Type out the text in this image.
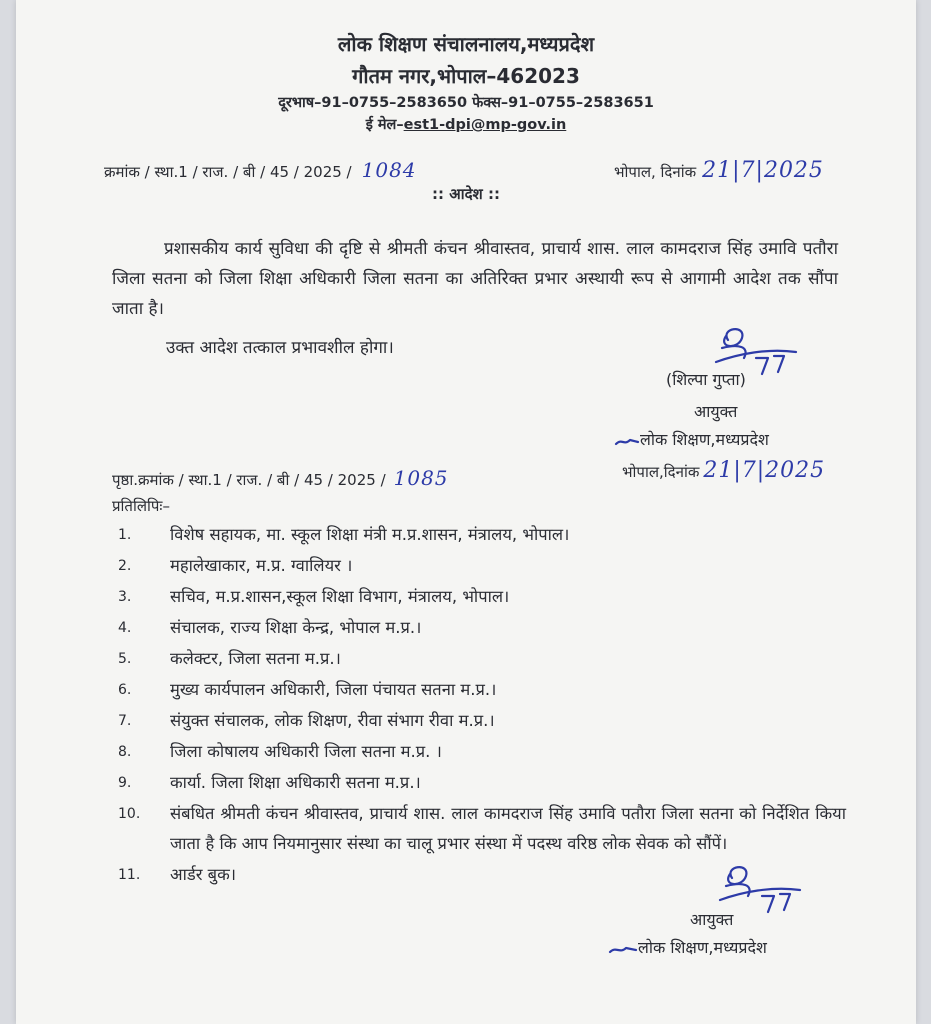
लोक शिक्षण संचालनालय,मध्यप्रदेश
गौतम नगर,भोपाल–462023
दूरभाष–91–0755–2583650 फेक्स–91–0755–2583651
ई मेल–est1-dpi@mp-gov.in
क्रमांक / स्था.1 / राज. / बी / 45 / 2025 / 1084	भोपाल, दिनांक 21|7|2025
:: आदेश ::
प्रशासकीय कार्य सुविधा की दृष्टि से श्रीमती कंचन श्रीवास्तव, प्राचार्य शास. लाल कामदराज सिंह उमावि पतौरा जिला सतना को जिला शिक्षा अधिकारी जिला सतना का अतिरिक्त प्रभार अस्थायी रूप से आगामी आदेश तक सौंपा जाता है।
उक्त आदेश तत्काल प्रभावशील होगा।
(शिल्पा गुप्ता)
आयुक्त
लोक शिक्षण,मध्यप्रदेश
पृष्ठा.क्रमांक / स्था.1 / राज. / बी / 45 / 2025 / 1085	भोपाल,दिनांक 21|7|2025
प्रतिलिपिः–
1.	विशेष सहायक, मा. स्कूल शिक्षा मंत्री म.प्र.शासन, मंत्रालय, भोपाल।
2.	महालेखाकार, म.प्र. ग्वालियर ।
3.	सचिव, म.प्र.शासन,स्कूल शिक्षा विभाग, मंत्रालय, भोपाल।
4.	संचालक, राज्य शिक्षा केन्द्र, भोपाल म.प्र.।
5.	कलेक्टर, जिला सतना म.प्र.।
6.	मुख्य कार्यपालन अधिकारी, जिला पंचायत सतना म.प्र.।
7.	संयुक्त संचालक, लोक शिक्षण, रीवा संभाग रीवा म.प्र.।
8.	जिला कोषालय अधिकारी जिला सतना म.प्र. ।
9.	कार्या. जिला शिक्षा अधिकारी सतना म.प्र.।
10.	संबधित श्रीमती कंचन श्रीवास्तव, प्राचार्य शास. लाल कामदराज सिंह उमावि पतौरा जिला सतना को निर्देशित किया जाता है कि आप नियमानुसार संस्था का चालू प्रभार संस्था में पदस्थ वरिष्ठ लोक सेवक को सौंपें।
11.	आर्डर बुक।
आयुक्त
लोक शिक्षण,मध्यप्रदेश
